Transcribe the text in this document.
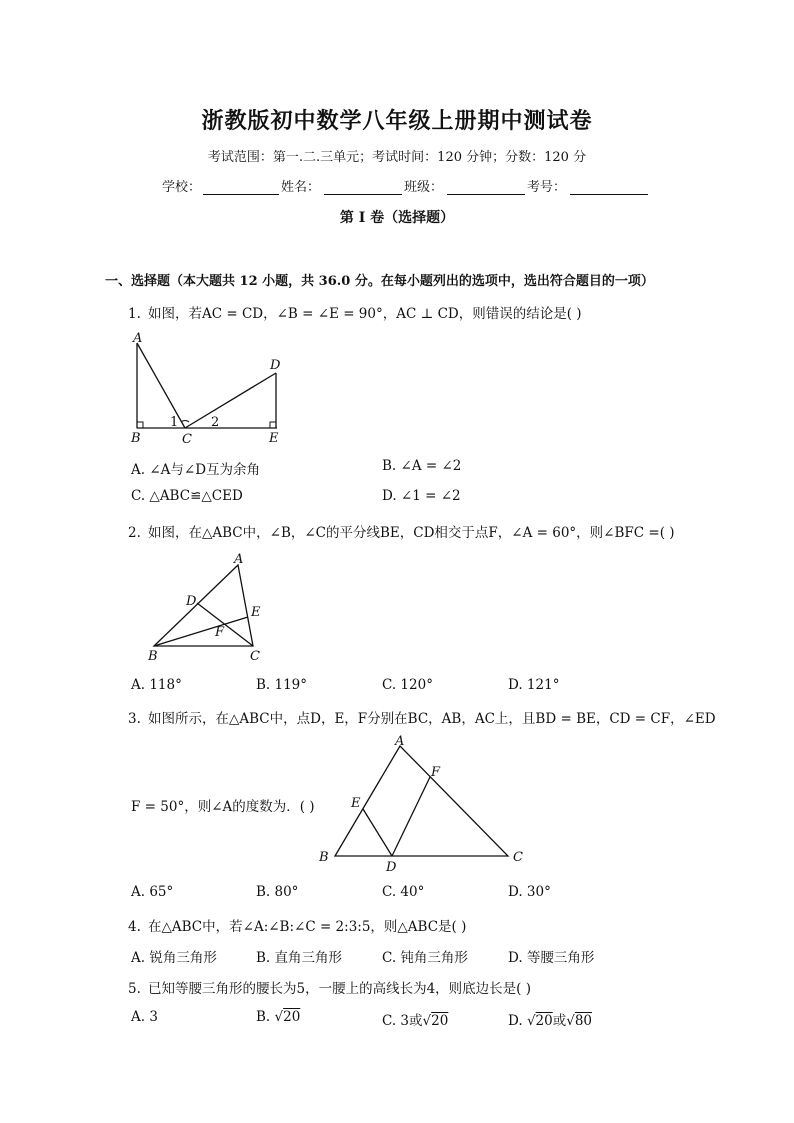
浙教版初中数学八年级上册期中测试卷
考试范围：第一.二.三单元；考试时间：120 分钟；分数：120 分
学校：	姓名：	班级：	考号：
第 I 卷（选择题）
一、选择题（本大题共 12 小题，共 36.0 分。在每小题列出的选项中，选出符合题目的一项）
1. 如图，若AC = CD，∠B = ∠E = 90°，AC ⊥ CD，则错误的结论是( )
A
B	C
D
E
1	2
A. ∠A与∠D互为余角	B. ∠A = ∠2
C. △ABC≌△CED	D. ∠1 = ∠2
2. 如图，在△ABC中，∠B，∠C的平分线BE，CD相交于点F，∠A = 60°，则∠BFC =( )
A
B	C
D
E
F
A. 118°	B. 119°	C. 120°	D. 121°
3. 如图所示，在△ABC中，点D，E，F分别在BC，AB，AC上，且BD = BE，CD = CF，∠ED
A
B	C
D
E
F
F = 50°，则∠A的度数为．( )
A. 65°	B. 80°	C. 40°	D. 30°
4. 在△ABC中，若∠A:∠B:∠C = 2:3:5，则△ABC是( )
A. 锐角三角形	B. 直角三角形	C. 钝角三角形	D. 等腰三角形
5. 已知等腰三角形的腰长为5，一腰上的高线长为4，则底边长是( )
A. 3	B. √20	C. 3或√20	D. √20或√80
